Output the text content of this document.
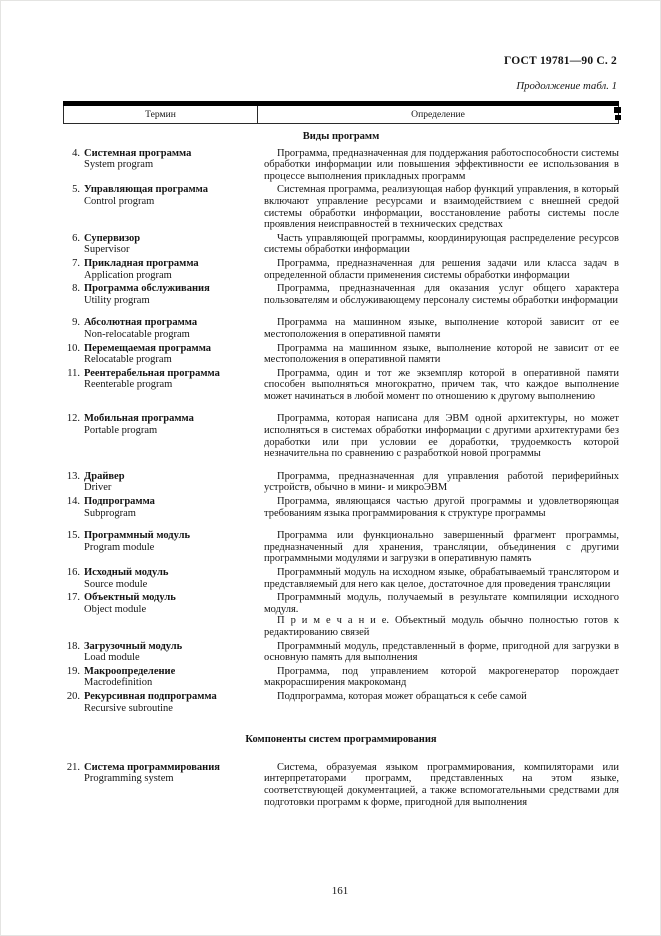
ГОСТ 19781—90 С. 2
Продолжение табл. 1
Термин	Определение
Виды программ
4. Системная программа
System program

Программа, предназначенная для поддержания работоспособности системы обработки информации или повышения эффективности ее использования в процессе выполнения прикладных программ

5. Управляющая программа
Control program

Системная программа, реализующая набор функций управления, в который включают управление ресурсами и взаимодействием с внешней средой системы обработки информации, восстановление работы системы после проявления неисправностей в технических средствах

6. Супервизор
Supervisor

Часть управляющей программы, координирующая распределение ресурсов системы обработки информации

7. Прикладная программа
Application program

Программа, предназначенная для решения задачи или класса задач в определенной области применения системы обработки информации

8. Программа обслуживания
Utility program

Программа, предназначенная для оказания услуг общего характера пользователям и обслуживающему персоналу системы обработки информации

9. Абсолютная программа
Non-relocatable program

Программа на машинном языке, выполнение которой зависит от ее местоположения в оперативной памяти

10. Перемещаемая программа
Relocatable program

Программа на машинном языке, выполнение которой не зависит от ее местоположения в оперативной памяти

11. Реентерабельная программа
Reenterable program

Программа, один и тот же экземпляр которой в оперативной памяти способен выполняться многократно, причем так, что каждое выполнение может начинаться в любой момент по отношению к другому выполнению

12. Мобильная программа
Portable program

Программа, которая написана для ЭВМ одной архитектуры, но может исполняться в системах обработки информации с другими архитектурами без доработки или при условии ее доработки, трудоемкость которой незначительна по сравнению с разработкой новой программы

13. Драйвер
Driver

Программа, предназначенная для управления работой периферийных устройств, обычно в мини- и микроЭВМ

14. Подпрограмма
Subprogram

Программа, являющаяся частью другой программы и удовлетворяющая требованиям языка программирования к структуре программы

15. Программный модуль
Program module

Программа или функционально завершенный фрагмент программы, предназначенный для хранения, трансляции, объединения с другими программными модулями и загрузки в оперативную память

16. Исходный модуль
Source module

Программный модуль на исходном языке, обрабатываемый транслятором и представляемый для него как целое, достаточное для проведения трансляции

17. Объектный модуль
Object module

Программный модуль, получаемый в результате компиляции исходного модуля.

П р и м е ч а н и е. Объектный модуль обычно полностью готов к редактированию связей

18. Загрузочный модуль
Load module

Программный модуль, представленный в форме, пригодной для загрузки в основную память для выполнения

19. Макроопределение
Macrodefinition

Программа, под управлением которой макрогенератор порождает макрорасширения макрокоманд

20. Рекурсивная подпрограмма
Recursive subroutine

Подпрограмма, которая может обращаться к себе самой

Компоненты систем программирования
21. Система программирования
Programming system

Система, образуемая языком программирования, компиляторами или интерпретаторами программ, представленных на этом языке, соответствующей документацией, а также вспомогательными средствами для подготовки программ к форме, пригодной для выполнения

161
